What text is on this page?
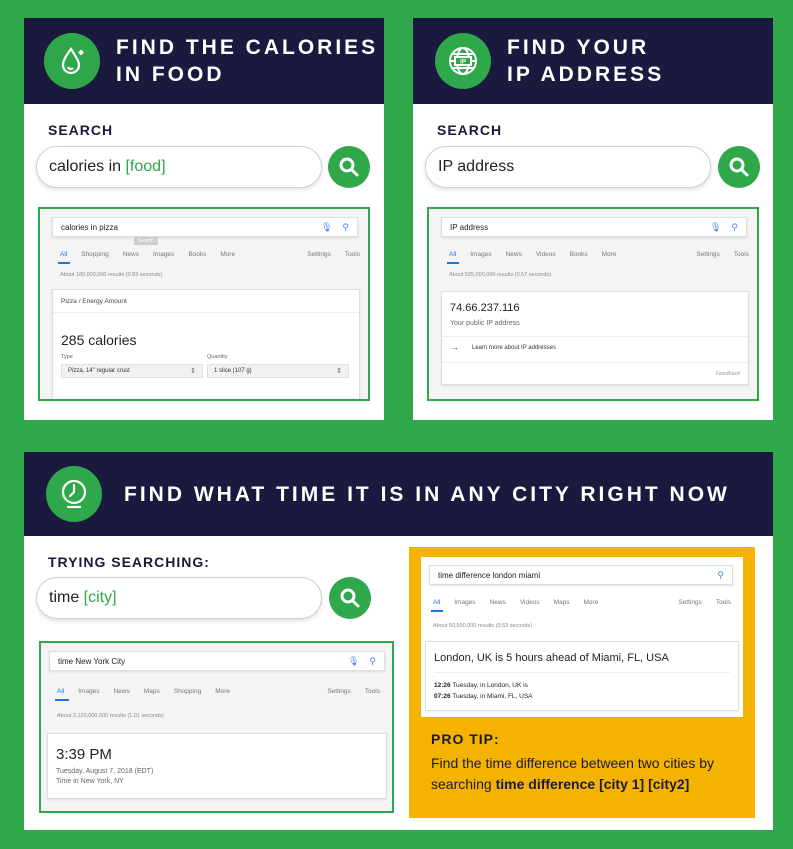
FIND THE CALORIES
IN FOOD
SEARCH
calories in [food]
calories in pizza	🎙 ⚲
Search
All Shopping News Images Books More	Settings Tools
About 180,000,000 results (0.83 seconds)
Pizza / Energy Amount
285 calories
Type	Quantity
Pizza, 14" regular crust ⇕	1 slice (107 g) ⇕
IP
FIND YOUR
IP ADDRESS
SEARCH
IP address
IP address	🎙 ⚲
All Images News Videos Books More	Settings Tools
About 525,000,000 results (0.57 seconds)
74.66.237.116
Your public IP address
→ Learn more about IP addresses
Feedback
FIND WHAT TIME IT IS IN ANY CITY RIGHT NOW
TRYING SEARCHING:
time [city]
time New York City	🎙 ⚲
All Images News Maps Shopping More	Settings Tools
About 2,120,000,000 results (1.01 seconds)
3:39 PM
Tuesday, August 7, 2018 (EDT)
Time in New York, NY
time difference london miami	⚲
All Images News Videos Maps More	Settings Tools
About 50,500,000 results (0.53 seconds)
London, UK is 5 hours ahead of Miami, FL, USA
12:26 Tuesday, in London, UK is
07:26 Tuesday, in Miami, FL, USA
PRO TIP:
Find the time difference between two cities by searching time difference [city 1] [city2]
